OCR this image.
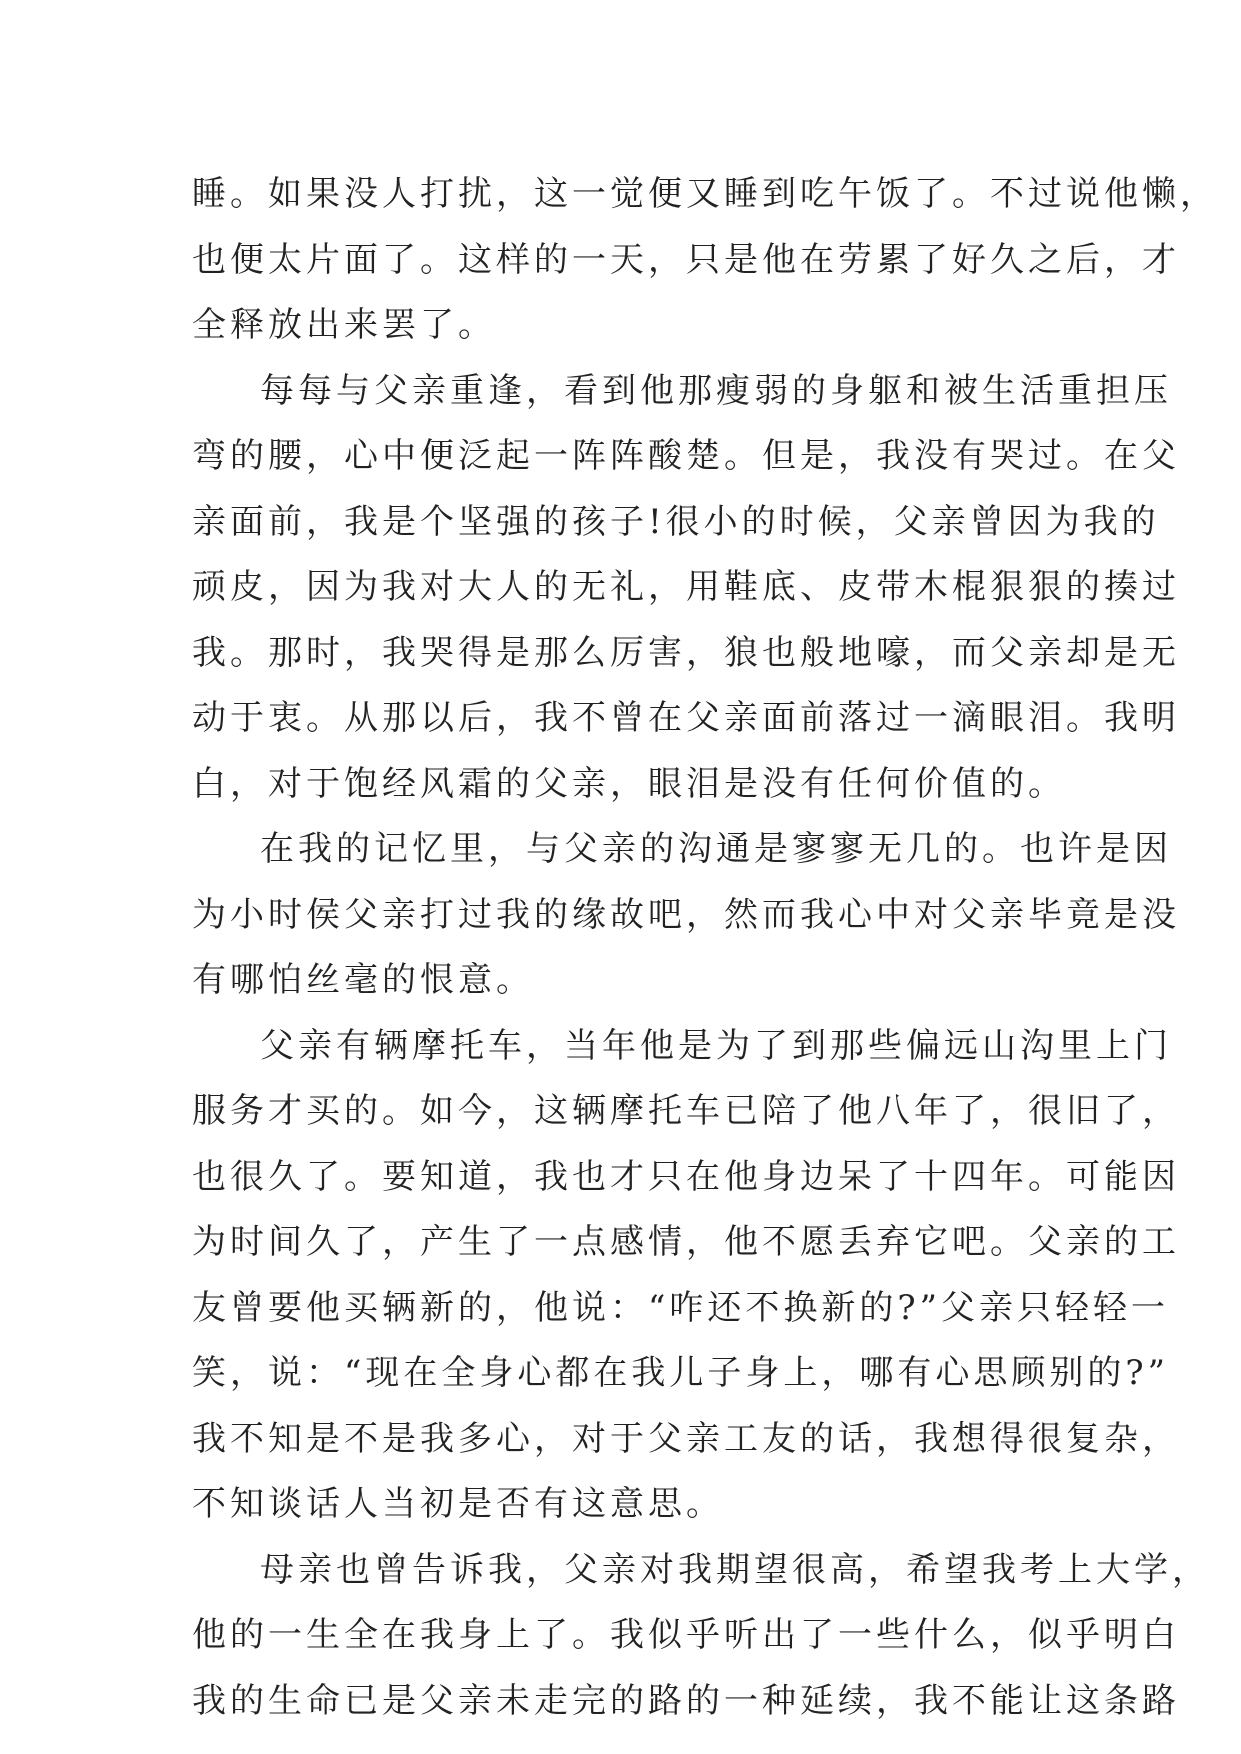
睡。如果没人打扰，这一觉便又睡到吃午饭了。不过说他懒，
也便太片面了。这样的一天，只是他在劳累了好久之后，才
全释放出来罢了。
每每与父亲重逢，看到他那瘦弱的身躯和被生活重担压
弯的腰，心中便泛起一阵阵酸楚。但是，我没有哭过。在父
亲面前，我是个坚强的孩子!很小的时候，父亲曾因为我的
顽皮，因为我对大人的无礼，用鞋底、皮带木棍狠狠的揍过
我。那时，我哭得是那么厉害，狼也般地嚎，而父亲却是无
动于衷。从那以后，我不曾在父亲面前落过一滴眼泪。我明
白，对于饱经风霜的父亲，眼泪是没有任何价值的。
在我的记忆里，与父亲的沟通是寥寥无几的。也许是因
为小时侯父亲打过我的缘故吧，然而我心中对父亲毕竟是没
有哪怕丝毫的恨意。
父亲有辆摩托车，当年他是为了到那些偏远山沟里上门
服务才买的。如今，这辆摩托车已陪了他八年了，很旧了，
也很久了。要知道，我也才只在他身边呆了十四年。可能因
为时间久了，产生了一点感情，他不愿丢弃它吧。父亲的工
友曾要他买辆新的，他说：“咋还不换新的?”父亲只轻轻一
笑，说：“现在全身心都在我儿子身上，哪有心思顾别的?”
我不知是不是我多心，对于父亲工友的话，我想得很复杂，
不知谈话人当初是否有这意思。
母亲也曾告诉我，父亲对我期望很高，希望我考上大学，
他的一生全在我身上了。我似乎听出了一些什么，似乎明白
我的生命已是父亲未走完的路的一种延续，我不能让这条路
